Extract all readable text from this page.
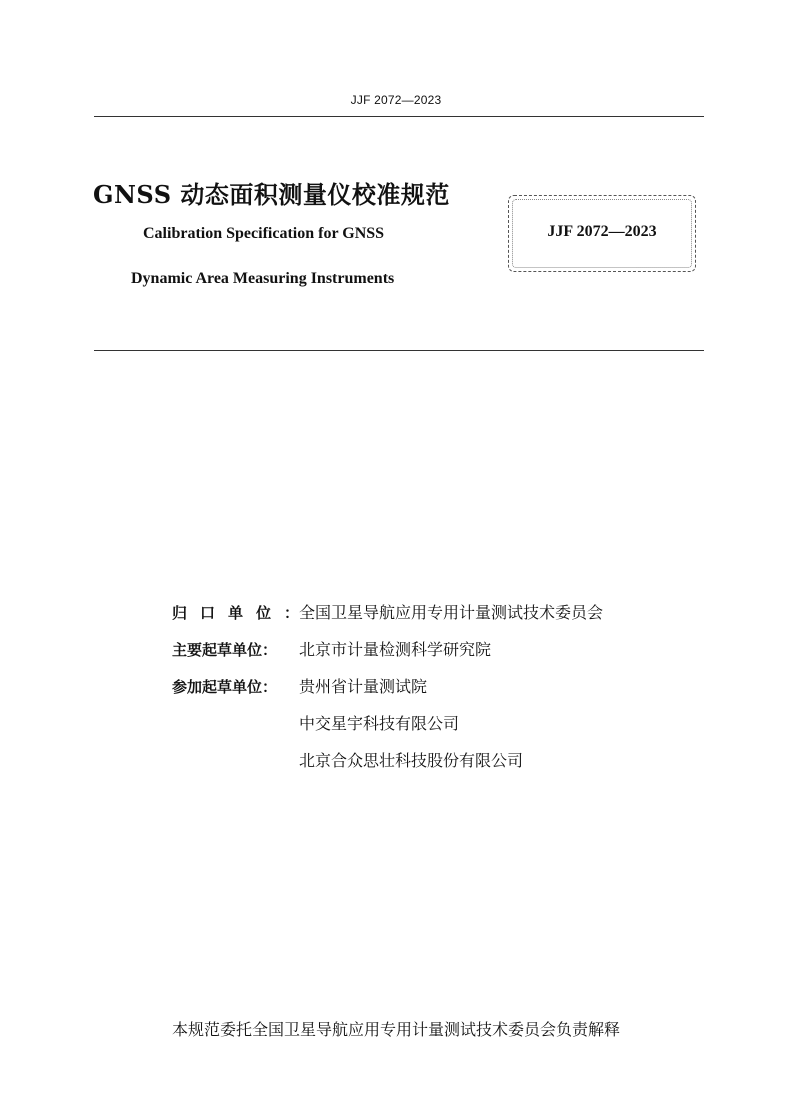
JJF 2072—2023
GNSS 动态面积测量仪校准规范
Calibration Specification for GNSS
Dynamic Area Measuring Instruments
JJF 2072—2023
归口单位：
全国卫星导航应用专用计量测试技术委员会
主要起草单位：	北京市计量检测科学研究院
参加起草单位：	贵州省计量测试院
中交星宇科技有限公司
北京合众思壮科技股份有限公司
本规范委托全国卫星导航应用专用计量测试技术委员会负责解释
